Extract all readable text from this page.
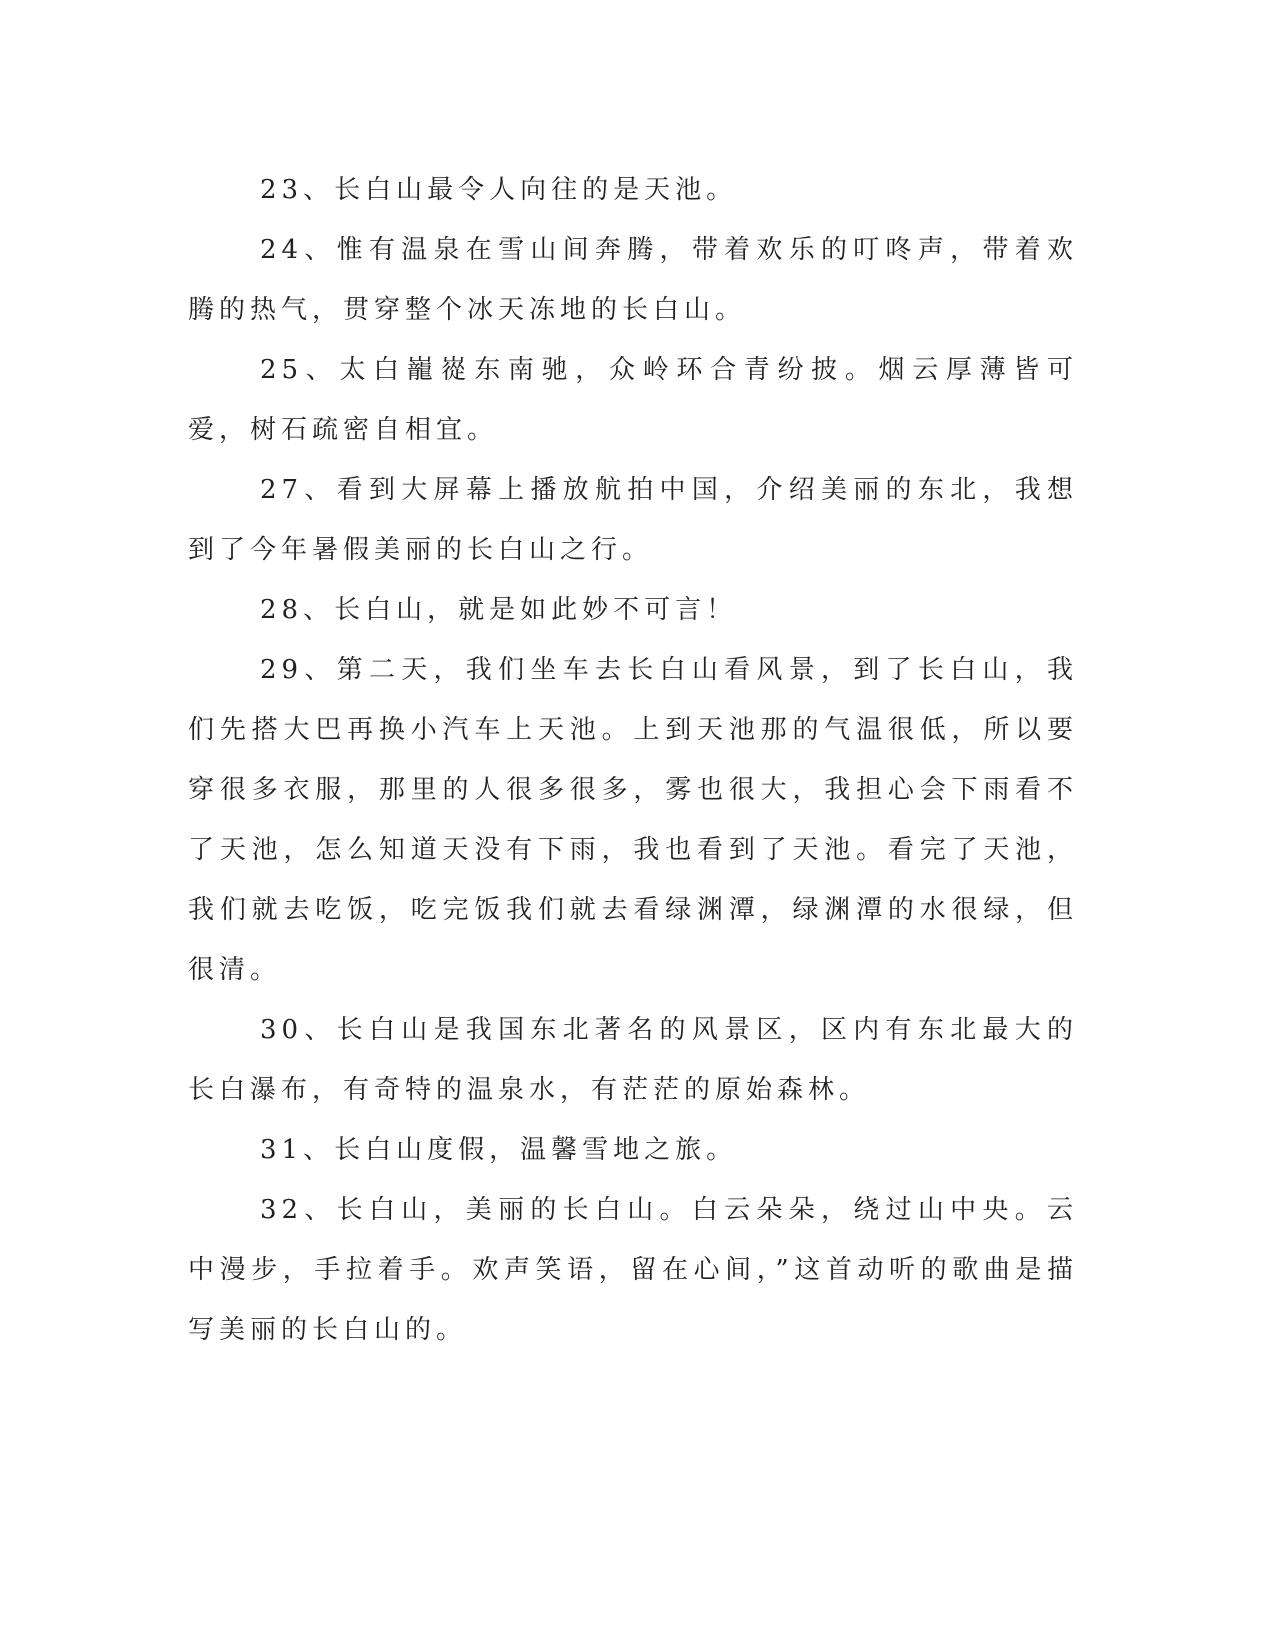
23、长白山最令人向往的是天池。

24、惟有温泉在雪山间奔腾，带着欢乐的叮咚声，带着欢腾的热气，贯穿整个冰天冻地的长白山。

25、太白巃嵸东南驰，众岭环合青纷披。烟云厚薄皆可爱，树石疏密自相宜。

27、看到大屏幕上播放航拍中国，介绍美丽的东北，我想到了今年暑假美丽的长白山之行。

28、长白山，就是如此妙不可言！

29、第二天，我们坐车去长白山看风景，到了长白山，我们先搭大巴再换小汽车上天池。上到天池那的气温很低，所以要穿很多衣服，那里的人很多很多，雾也很大，我担心会下雨看不了天池，怎么知道天没有下雨，我也看到了天池。看完了天池，我们就去吃饭，吃完饭我们就去看绿渊潭，绿渊潭的水很绿，但很清。

30、长白山是我国东北著名的风景区，区内有东北最大的长白瀑布，有奇特的温泉水，有茫茫的原始森林。

31、长白山度假，温馨雪地之旅。

32、长白山，美丽的长白山。白云朵朵，绕过山中央。云中漫步，手拉着手。欢声笑语，留在心间，”这首动听的歌曲是描写美丽的长白山的。
